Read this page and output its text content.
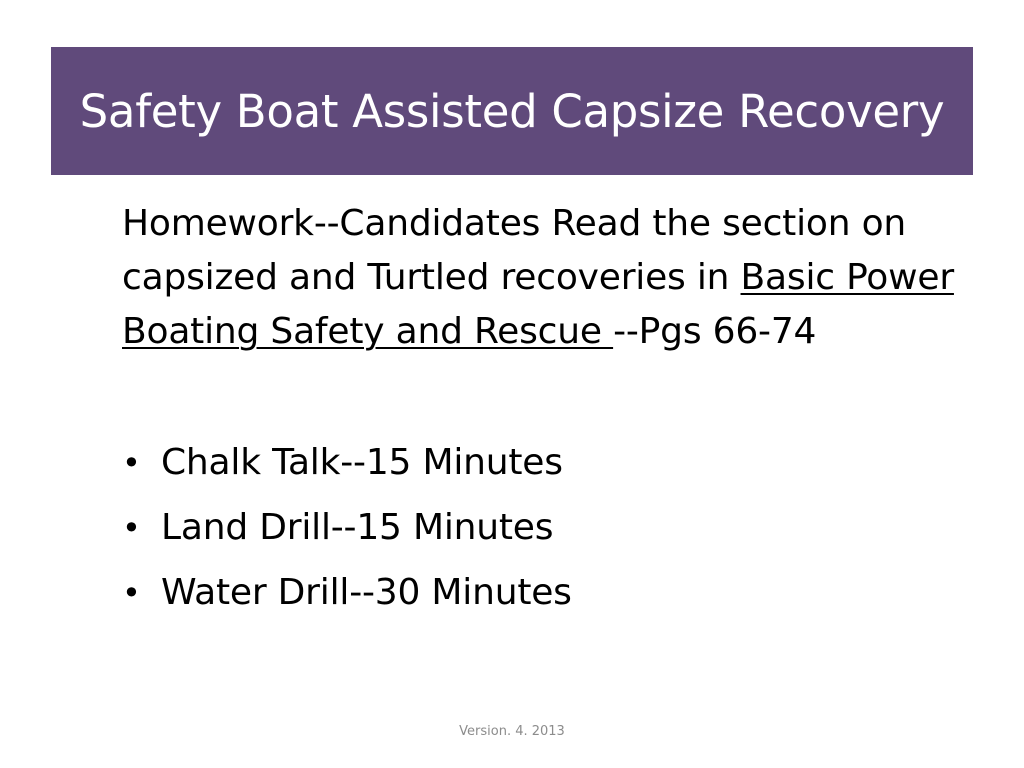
Safety Boat Assisted Capsize Recovery
Homework--Candidates Read the section on capsized and Turtled recoveries in Basic Power Boating Safety and Rescue --Pgs 66-74
• Chalk Talk--15 Minutes
• Land Drill--15 Minutes
• Water Drill--30 Minutes
Version. 4. 2013
